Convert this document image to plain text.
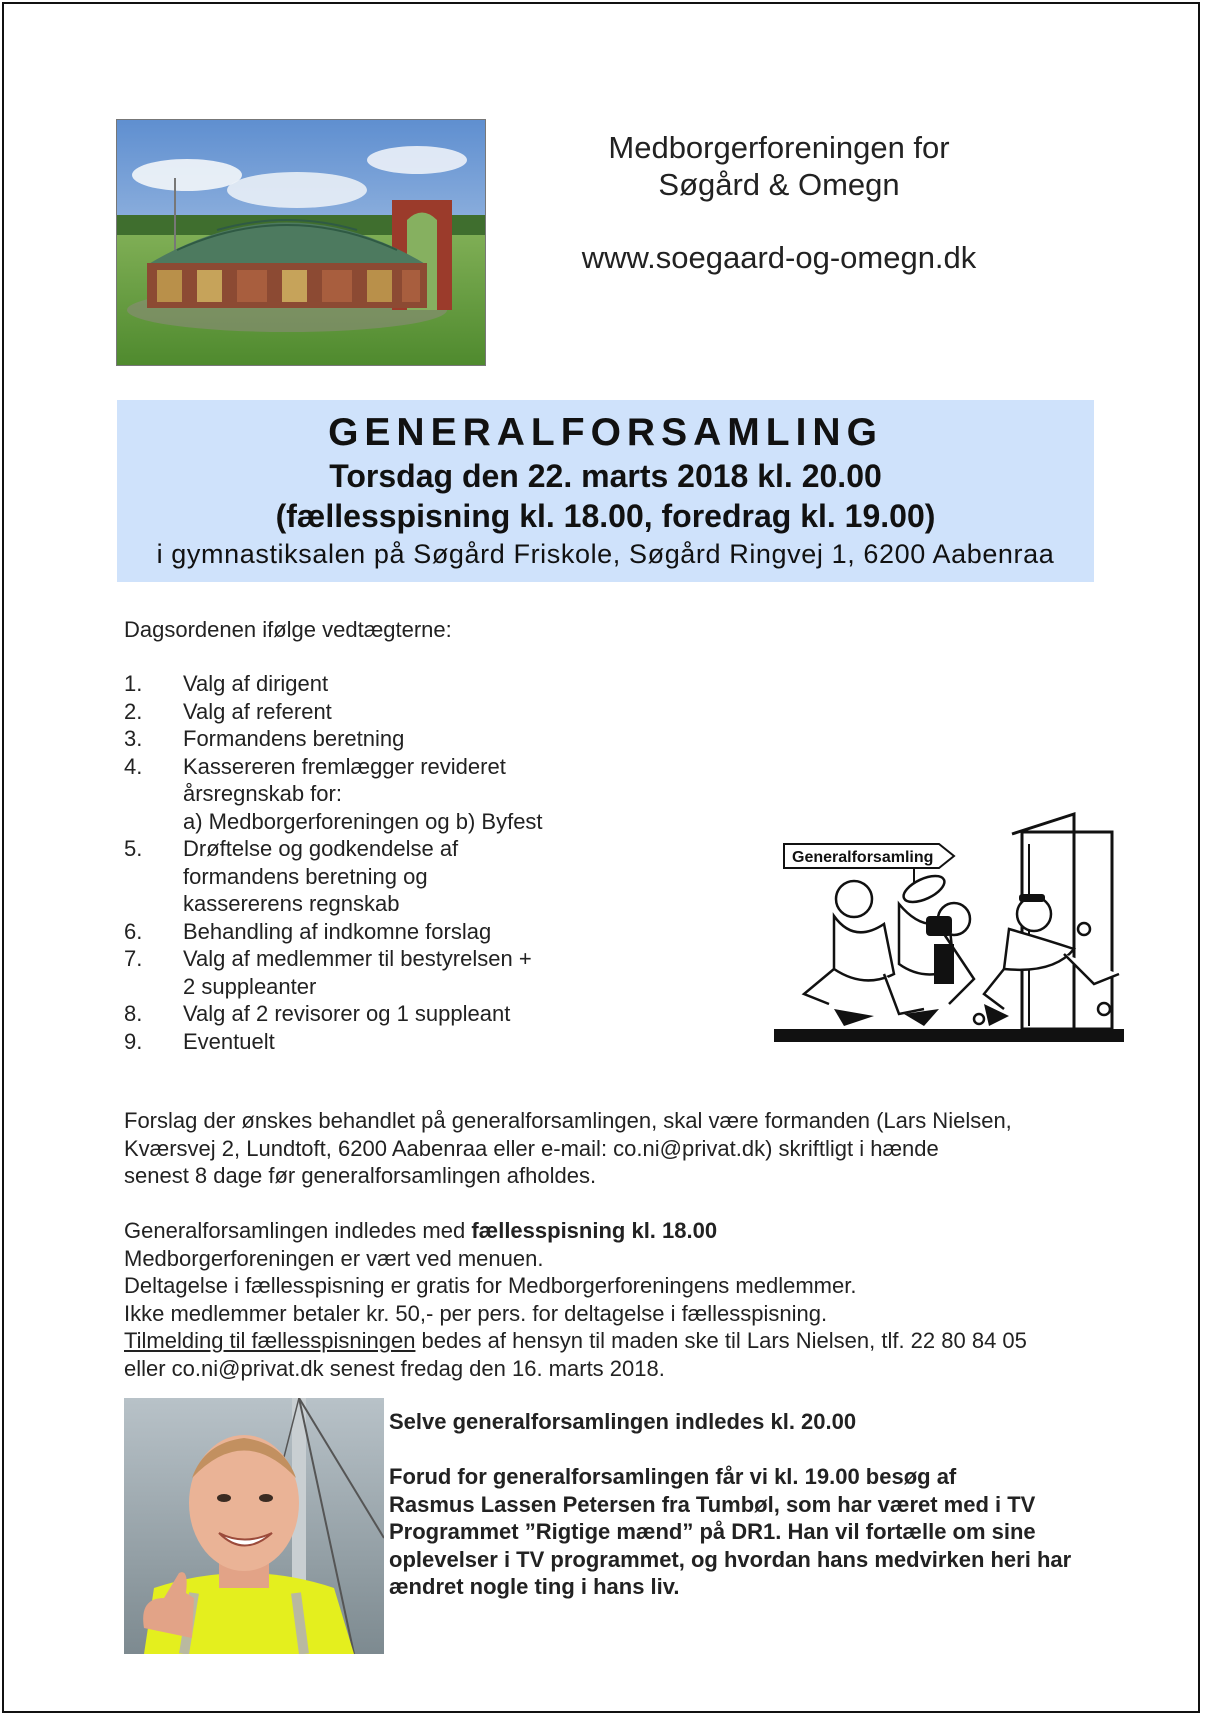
Medborgerforeningen for
Søgård & Omegn
www.soegaard-og-omegn.dk
GENERALFORSAMLING
Torsdag den 22. marts 2018 kl. 20.00
(fællesspisning kl. 18.00, foredrag kl. 19.00)
i gymnastiksalen på Søgård Friskole, Søgård Ringvej 1, 6200 Aabenraa
Dagsordenen ifølge vedtægterne:
1. Valg af dirigent
2. Valg af referent
3. Formandens beretning
4. Kassereren fremlægger revideret
årsregnskab for:
a) Medborgerforeningen og b) Byfest
5. Drøftelse og godkendelse af
formandens beretning og
kassererens regnskab
6. Behandling af indkomne forslag
7. Valg af medlemmer til bestyrelsen +
2 suppleanter
8. Valg af 2 revisorer og 1 suppleant
9. Eventuelt
Generalforsamling

Forslag der ønskes behandlet på generalforsamlingen, skal være formanden (Lars Nielsen,

Kværsvej 2, Lundtoft, 6200 Aabenraa eller e-mail: co.ni@privat.dk) skriftligt i hænde

senest 8 dage før generalforsamlingen afholdes.

Generalforsamlingen indledes med fællesspisning kl. 18.00

Medborgerforeningen er vært ved menuen.

Deltagelse i fællesspisning er gratis for Medborgerforeningens medlemmer.

Ikke medlemmer betaler kr. 50,- per pers. for deltagelse i fællesspisning.

Tilmelding til fællesspisningen bedes af hensyn til maden ske til Lars Nielsen, tlf. 22 80 84 05

eller co.ni@privat.dk senest fredag den 16. marts 2018.

Selve generalforsamlingen indledes kl. 20.00

Forud for generalforsamlingen får vi kl. 19.00 besøg af

Rasmus Lassen Petersen fra Tumbøl, som har været med i TV

Programmet ”Rigtige mænd” på DR1. Han vil fortælle om sine

oplevelser i TV programmet, og hvordan hans medvirken heri har

ændret nogle ting i hans liv.
